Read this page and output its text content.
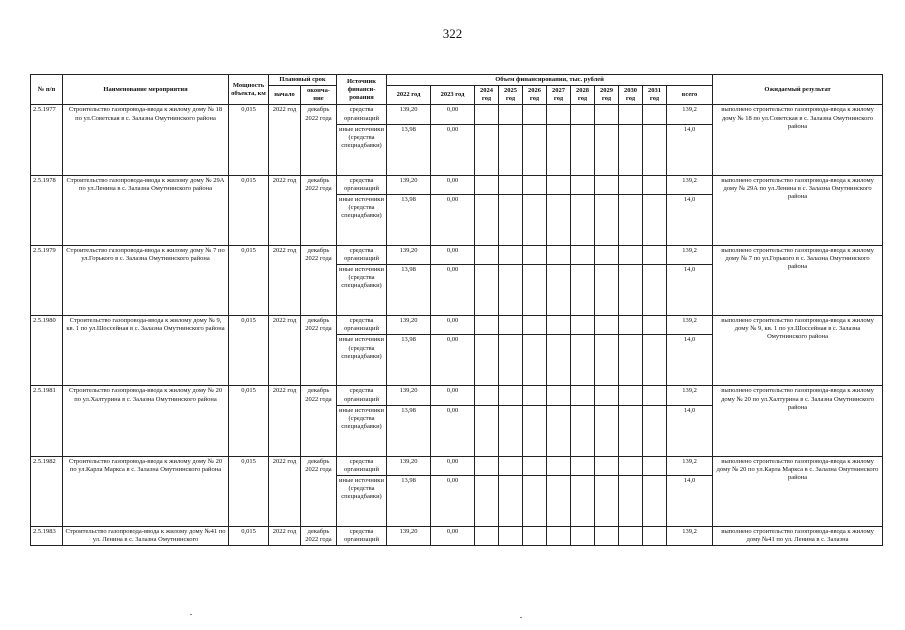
322
№ п/п	Наименование мероприятия	Мощность объекта, км	Плановый срок		Источник финанси-рования	Объем финансирования, тыс. рублей											Ожидаемый результат
			начало	оконча-ние		2022 год	2023 год	2024 год	2025 год	2026 год	2027 год	2028 год	2029 год	2030 год	2031 год	всего	
2.5.1977	Строительство газопровода-ввода к жилому дому № 18 по ул.Советская в с. Залазна Омутнинского района	0,015	2022 год	декабрь 2022 года	средства организаций	139,20	0,00									139,2	выполнено строительство газопровода-ввода к жилому дому № 18 по ул.Советская в с. Залазна Омутнинского района
					иные источники (средства спецнадбавки)	13,98	0,00									14,0	
2.5.1978	Строительство газопровода-ввода к жилому дому № 29А по ул.Ленина в с. Залазна Омутнинского района	0,015	2022 год	декабрь 2022 года	средства организаций	139,20	0,00									139,2	выполнено строительство газопровода-ввода к жилому дому № 29А по ул.Ленина в с. Залазна Омутнинского района
					иные источники (средства спецнадбавки)	13,98	0,00									14,0	
2.5.1979	Строительство газопровода-ввода к жилому дому № 7 по ул.Горького в с. Залазна Омутнинского района	0,015	2022 год	декабрь 2022 года	средства организаций	139,20	0,00									139,2	выполнено строительство газопровода-ввода к жилому дому № 7 по ул.Горького в с. Залазна Омутнинского района
					иные источники (средства спецнадбавки)	13,98	0,00									14,0	
2.5.1980	Строительство газопровода-ввода к жилому дому № 9, кв. 1 по ул.Шоссейная в с. Залазна Омутнинского района	0,015	2022 год	декабрь 2022 года	средства организаций	139,20	0,00									139,2	выполнено строительство газопровода-ввода к жилому дому № 9, кв. 1 по ул.Шоссейная в с. Залазна Омутнинского района
					иные источники (средства спецнадбавки)	13,98	0,00									14,0	
2.5.1981	Строительство газопровода-ввода к жилому дому № 20 по ул.Халтурина в с. Залазна Омутнинского района	0,015	2022 год	декабрь 2022 года	средства организаций	139,20	0,00									139,2	выполнено строительство газопровода-ввода к жилому дому № 20 по ул.Халтурина в с. Залазна Омутнинского района
					иные источники (средства спецнадбавки)	13,98	0,00									14,0	
2.5.1982	Строительство газопровода-ввода к жилому дому № 20 по ул.Карла Маркса в с. Залазна Омутнинского района	0,015	2022 год	декабрь 2022 года	средства организаций	139,20	0,00									139,2	выполнено строительство газопровода-ввода к жилому дому № 20 по ул.Карла Маркса в с. Залазна Омутнинского района
					иные источники (средства спецнадбавки)	13,98	0,00									14,0	
2.5.1983	Строительство газопровода-ввода к жилому дому №41 по ул. Ленина в с. Залазна Омутнинского	0,015	2022 год	декабрь 2022 года	средства организаций	139,20	0,00									139,2	выполнено строительство газопровода-ввода к жилому дому №41 по ул. Ленина в с. Залазна
